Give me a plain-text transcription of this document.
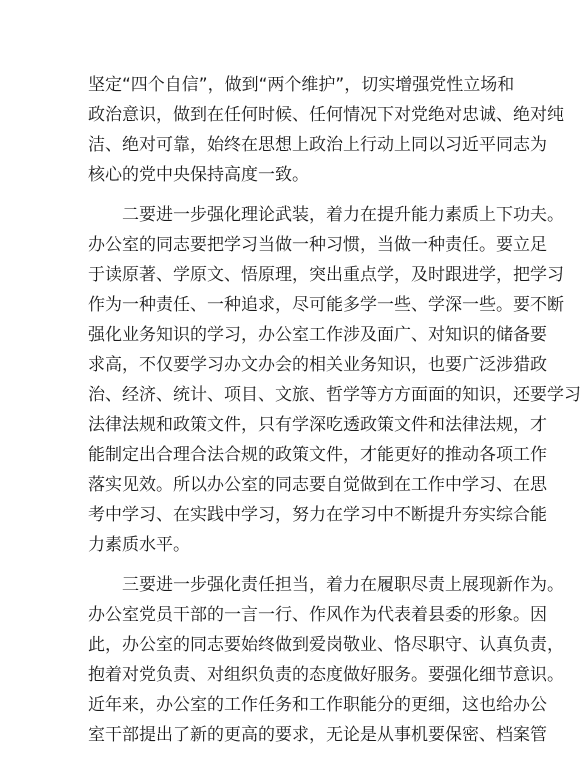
坚定“四个自信”，做到“两个维护”，切实增强党性立场和
政治意识，做到在任何时候、任何情况下对党绝对忠诚、绝对纯
洁、绝对可靠，始终在思想上政治上行动上同以习近平同志为
核心的党中央保持高度一致。
　　二要进一步强化理论武装，着力在提升能力素质上下功夫。
办公室的同志要把学习当做一种习惯，当做一种责任。要立足
于读原著、学原文、悟原理，突出重点学，及时跟进学，把学习
作为一种责任、一种追求，尽可能多学一些、学深一些。要不断
强化业务知识的学习，办公室工作涉及面广、对知识的储备要
求高，不仅要学习办文办会的相关业务知识，也要广泛涉猎政
治、经济、统计、项目、文旅、哲学等方方面面的知识，还要学习
法律法规和政策文件，只有学深吃透政策文件和法律法规，才
能制定出合理合法合规的政策文件，才能更好的推动各项工作
落实见效。所以办公室的同志要自觉做到在工作中学习、在思
考中学习、在实践中学习，努力在学习中不断提升夯实综合能
力素质水平。
　　三要进一步强化责任担当，着力在履职尽责上展现新作为。
办公室党员干部的一言一行、作风作为代表着县委的形象。因
此，办公室的同志要始终做到爱岗敬业、恪尽职守、认真负责，
抱着对党负责、对组织负责的态度做好服务。要强化细节意识。
近年来，办公室的工作任务和工作职能分的更细，这也给办公
室干部提出了新的更高的要求，无论是从事机要保密、档案管
